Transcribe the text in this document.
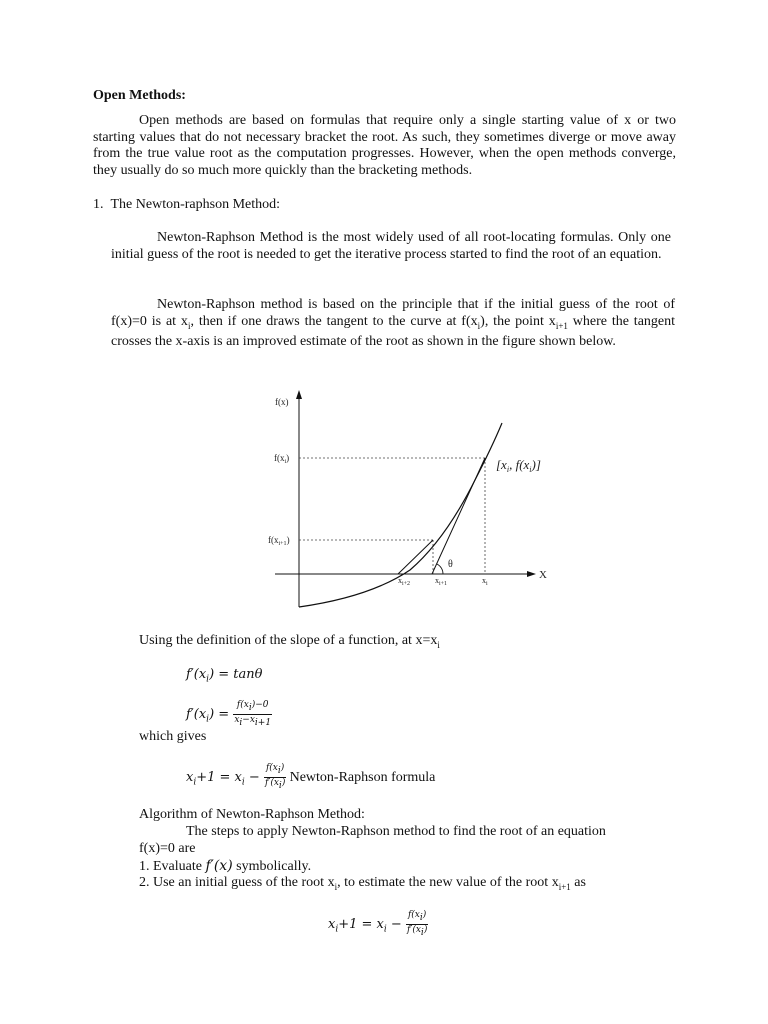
Open Methods:
Open methods are based on formulas that require only a single starting value of x or two starting values that do not necessary bracket the root. As such, they sometimes diverge or move away from the true value root as the computation progresses. However, when the open methods converge, they usually do so much more quickly than the bracketing methods.
1. The Newton-raphson Method:
Newton-Raphson Method is the most widely used of all root-locating formulas. Only one initial guess of the root is needed to get the iterative process started to find the root of an equation.
Newton-Raphson method is based on the principle that if the initial guess of the root of f(x)=0 is at $x_i$, then if one draws the tangent to the curve at $f(x_i)$, the point $x_{i+1}$ where the tangent crosses the x-axis is an improved estimate of the root as shown in the figure shown below.
f(x)
$f(x_i)$
$f(x_{i+1})$
$x_{i+2}$	$x_{i+1}$	$x_i$
θ
X
[$x_i$, $f(x_i)$]
Using the definition of the slope of a function, at $x=x_i$
$f'(x_i) = \tan\theta$
$f'(x_i) = \frac{f(x_i)-0}{x_i-x_{i+1}}$
which gives
$x_i+1 = x_i - \frac{f(x_i)}{f'(x_i)}$ Newton-Raphson formula
Algorithm of Newton-Raphson Method:
The steps to apply Newton-Raphson method to find the root of an equation
f(x)=0 are
1. Evaluate f′(x) symbolically.
2. Use an initial guess of the root $x_i$, to estimate the new value of the root $x_{i+1}$ as
$x_i+1 = x_i - \frac{f(x_i)}{f'(x_i)}$
